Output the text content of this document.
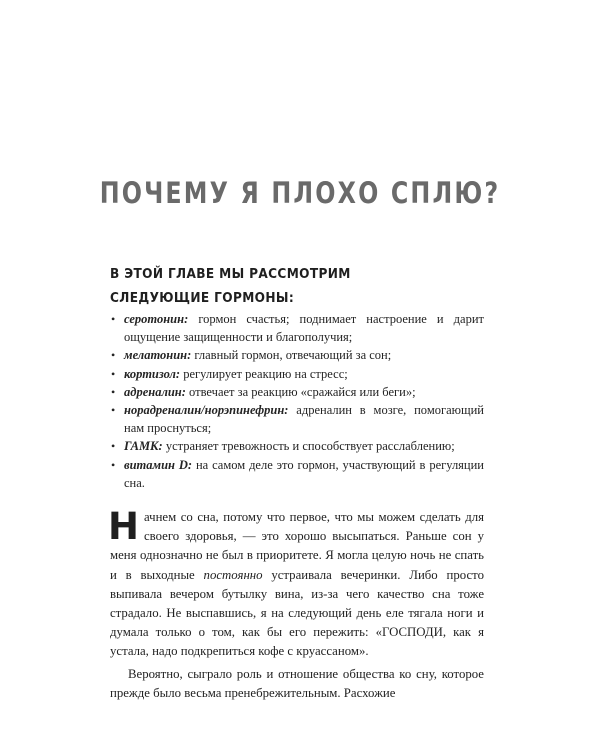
ПОЧЕМУ Я ПЛОХО СПЛЮ?
В ЭТОЙ ГЛАВЕ МЫ РАССМОТРИМ
СЛЕДУЮЩИЕ ГОРМОНЫ:
• серотонин: гормон счастья; поднимает настроение и дарит ощущение защищенности и благополучия;
• мелатонин: главный гормон, отвечающий за сон;
• кортизол: регулирует реакцию на стресс;
• адреналин: отвечает за реакцию «сражайся или беги»;
• норадреналин/норэпинефрин: адреналин в мозге, помогающий нам проснуться;
• ГАМК: устраняет тревожность и способствует расслаблению;
• витамин D: на самом деле это гормон, участвующий в регуляции сна.

Начнем со сна, потому что первое, что мы можем сделать для своего здоровья, — это хорошо высыпаться. Раньше сон у меня однозначно не был в приоритете. Я могла целую ночь не спать и в выходные постоянно устраивала вечеринки. Либо просто выпивала вечером бутылку вина, из-за чего качество сна тоже страдало. Не выспавшись, я на следующий день еле тягала ноги и думала только о том, как бы его пережить: «ГОСПОДИ, как я устала, надо подкрепиться кофе с круассаном».

Вероятно, сыграло роль и отношение общества ко сну, которое прежде было весьма пренебрежительным. Расхожие
